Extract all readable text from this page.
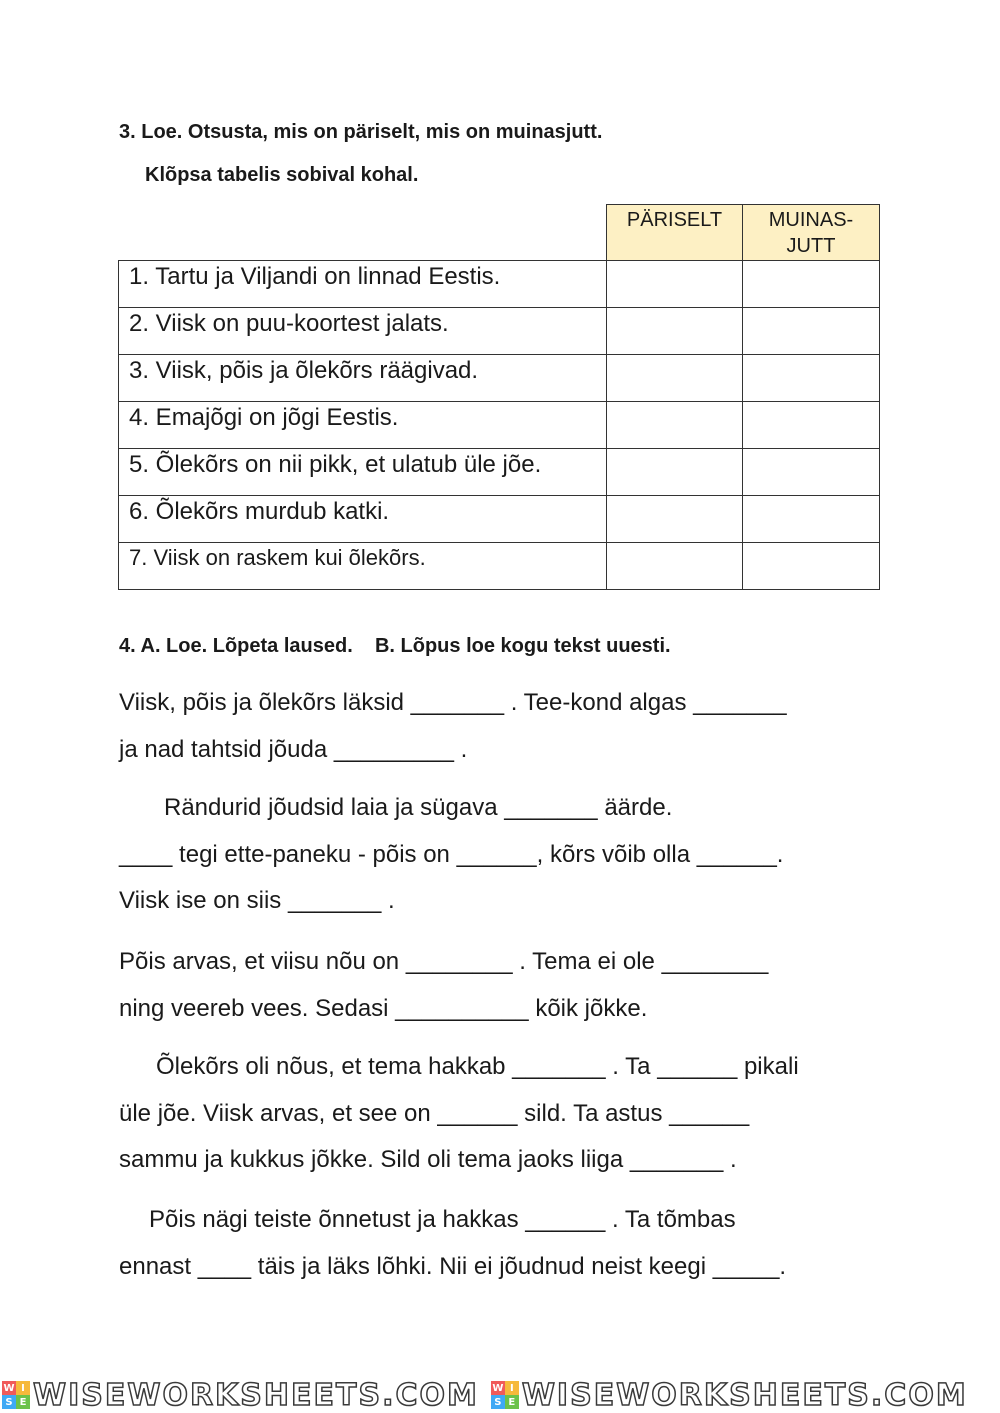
3. Loe. Otsusta, mis on päriselt, mis on muinasjutt.
Klõpsa tabelis sobival kohal.
	PÄRISELT	MUINAS-
JUTT
1. Tartu ja Viljandi on linnad Eestis.		
2. Viisk on puu-koortest jalats.		
3. Viisk, põis ja õlekõrs räägivad.		
4. Emajõgi on jõgi Eestis.		
5. Õlekõrs on nii pikk, et ulatub üle jõe.		
6. Õlekõrs murdub katki.		
7. Viisk on raskem kui õlekõrs.		
4. A. Loe. Lõpeta laused.    B. Lõpus loe kogu tekst uuesti.

Viisk, põis ja õlekõrs läksid _______ . Tee-kond algas _______

ja nad tahtsid jõuda _________ .

Rändurid jõudsid laia ja sügava _______ äärde.

____ tegi ette-paneku - põis on ______, kõrs võib olla ______.

Viisk ise on siis _______ .

Põis arvas, et viisu nõu on ________ . Tema ei ole ________

ning veereb vees. Sedasi __________ kõik jõkke.

Õlekõrs oli nõus, et tema hakkab _______ . Ta ______ pikali

üle jõe. Viisk arvas, et see on ______ sild. Ta astus ______

sammu ja kukkus jõkke. Sild oli tema jaoks liiga _______ .

Põis nägi teiste õnnetust ja hakkas ______ . Ta tõmbas

ennast ____ täis ja läks lõhki. Nii ei jõudnud neist keegi _____.

W I
S E WISEWORKSHEETS.COM W I
S E WISEWORKSHEETS.COM
